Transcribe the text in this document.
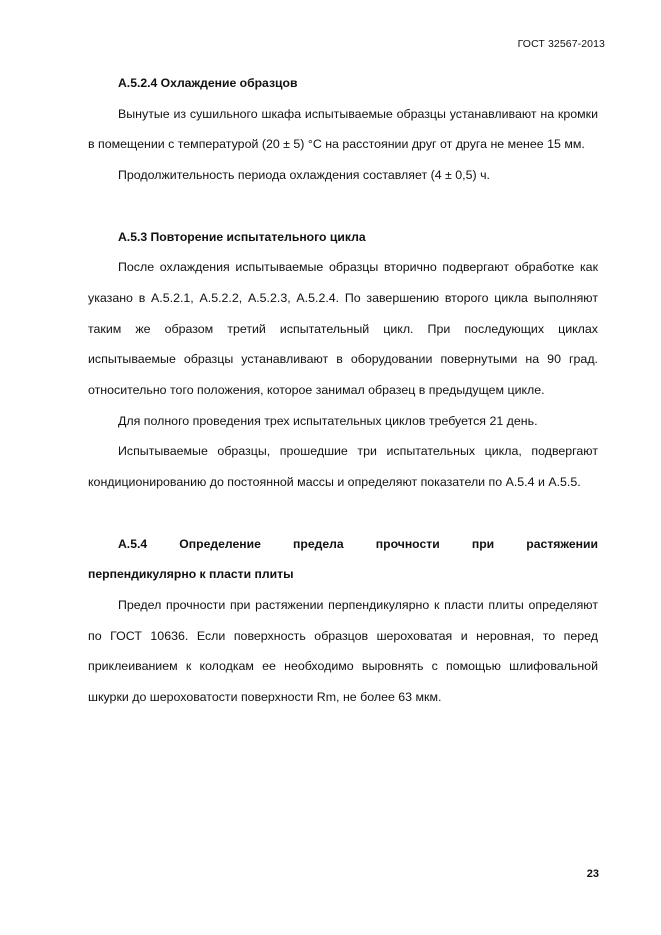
ГОСТ 32567-2013

А.5.2.4 Охлаждение образцов

Вынутые из сушильного шкафа испытываемые образцы устанавливают на кромки в помещении с температурой (20 ± 5) °С на расстоянии друг от друга не менее 15 мм.

Продолжительность периода охлаждения составляет (4 ± 0,5) ч.

А.5.3 Повторение испытательного цикла

После охлаждения испытываемые образцы вторично подвергают обработке как указано в А.5.2.1, А.5.2.2, А.5.2.3, А.5.2.4. По завершению второго цикла выполняют таким же образом третий испытательный цикл. При последующих циклах испытываемые образцы устанавливают в оборудовании повернутыми на 90 град. относительно того положения, которое занимал образец в предыдущем цикле.

Для полного проведения трех испытательных циклов требуется 21 день.

Испытываемые образцы, прошедшие три испытательных цикла, подвергают кондиционированию до постоянной массы и определяют показатели по А.5.4 и А.5.5.

А.5.4 Определение предела прочности при растяжении

перпендикулярно к пласти плиты

Предел прочности при растяжении перпендикулярно к пласти плиты определяют по ГОСТ 10636. Если поверхность образцов шероховатая и неровная, то перед приклеиванием к колодкам ее необходимо выровнять с помощью шлифовальной шкурки до шероховатости поверхности Rm, не более 63 мкм.

23
